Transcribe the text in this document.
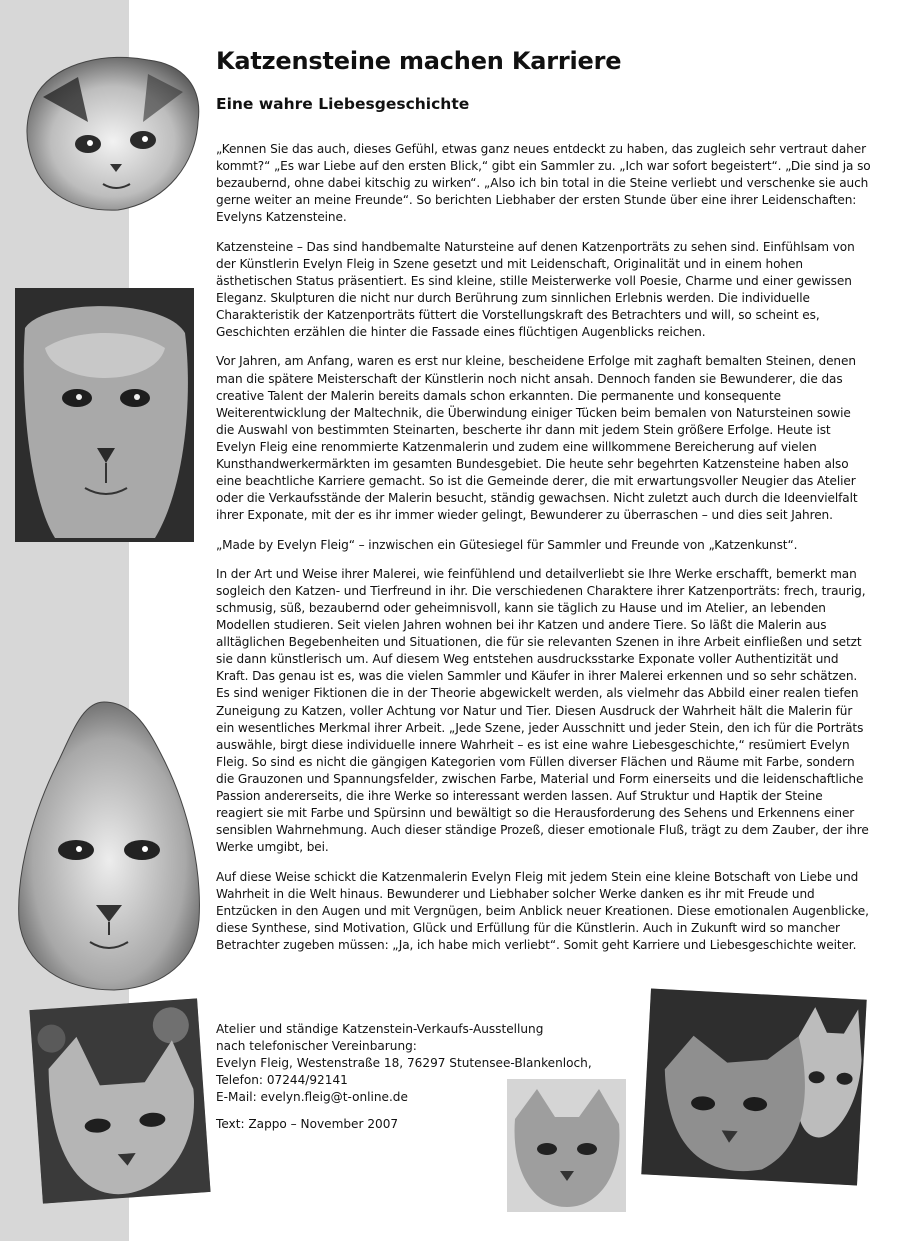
Katzensteine machen Karriere
Eine wahre Liebesgeschichte

„Kennen Sie das auch, dieses Gefühl, etwas ganz neues entdeckt zu haben, das zugleich sehr vertraut daher kommt?“ „Es war Liebe auf den ersten Blick,“ gibt ein Sammler zu. „Ich war sofort begeistert“. „Die sind ja so bezaubernd, ohne dabei kitschig zu wirken“. „Also ich bin total in die Steine verliebt und verschenke sie auch gerne weiter an meine Freunde“. So berichten Liebhaber der ersten Stunde über eine ihrer Leidenschaften: Evelyns Katzensteine.

Katzensteine – Das sind handbemalte Natursteine auf denen Katzenporträts zu sehen sind. Einfühlsam von der Künstlerin Evelyn Fleig in Szene gesetzt und mit Leidenschaft, Originalität und in einem hohen ästhetischen Status präsentiert. Es sind kleine, stille Meisterwerke voll Poesie, Charme und einer gewissen Eleganz. Skulpturen die nicht nur durch Berührung zum sinnlichen Erlebnis werden. Die individuelle Charakteristik der Katzenporträts füttert die Vorstellungskraft des Betrachters und will, so scheint es, Geschichten erzählen die hinter die Fassade eines flüchtigen Augenblicks reichen.

Vor Jahren, am Anfang, waren es erst nur kleine, bescheidene Erfolge mit zaghaft bemalten Steinen, denen man die spätere Meisterschaft der Künstlerin noch nicht ansah. Dennoch fanden sie Bewunderer, die das creative Talent der Malerin bereits damals schon erkannten. Die permanente und konsequente Weiterentwicklung der Maltechnik, die Überwindung einiger Tücken beim bemalen von Natursteinen sowie die Auswahl von bestimmten Steinarten, bescherte ihr dann mit jedem Stein größere Erfolge. Heute ist Evelyn Fleig eine renommierte Katzenmalerin und zudem eine willkommene Bereicherung auf vielen Kunsthandwerkermärkten im gesamten Bundesgebiet. Die heute sehr begehrten Katzensteine haben also eine beachtliche Karriere gemacht. So ist die Gemeinde derer, die mit erwartungsvoller Neugier das Atelier oder die Verkaufsstände der Malerin besucht, ständig gewachsen. Nicht zuletzt auch durch die Ideenvielfalt ihrer Exponate, mit der es ihr immer wieder gelingt, Bewunderer zu überraschen – und dies seit Jahren.

„Made by Evelyn Fleig“ – inzwischen ein Gütesiegel für Sammler und Freunde von „Katzenkunst“.

In der Art und Weise ihrer Malerei, wie feinfühlend und detailverliebt sie Ihre Werke erschafft, bemerkt man sogleich den Katzen- und Tierfreund in ihr. Die verschiedenen Charaktere ihrer Katzenporträts: frech, traurig, schmusig, süß, bezaubernd oder geheimnisvoll, kann sie täglich zu Hause und im Atelier, an lebenden Modellen studieren. Seit vielen Jahren wohnen bei ihr Katzen und andere Tiere. So läßt die Malerin aus alltäglichen Begebenheiten und Situationen, die für sie relevanten Szenen in ihre Arbeit einfließen und setzt sie dann künstlerisch um. Auf diesem Weg entstehen ausdrucksstarke Exponate voller Authentizität und Kraft. Das genau ist es, was die vielen Sammler und Käufer in ihrer Malerei erkennen und so sehr schätzen. Es sind weniger Fiktionen die in der Theorie abgewickelt werden, als vielmehr das Abbild einer realen tiefen Zuneigung zu Katzen, voller Achtung vor Natur und Tier. Diesen Ausdruck der Wahrheit hält die Malerin für ein wesentliches Merkmal ihrer Arbeit. „Jede Szene, jeder Ausschnitt und jeder Stein, den ich für die Porträts auswähle, birgt diese individuelle innere Wahrheit – es ist eine wahre Liebesgeschichte,“ resümiert Evelyn Fleig. So sind es nicht die gängigen Kategorien vom Füllen diverser Flächen und Räume mit Farbe, sondern die Grauzonen und Spannungsfelder, zwischen Farbe, Material und Form einerseits und die leidenschaftliche Passion andererseits, die ihre Werke so interessant werden lassen. Auf Struktur und Haptik der Steine reagiert sie mit Farbe und Spürsinn und bewältigt so die Herausforderung des Sehens und Erkennens einer sensiblen Wahrnehmung. Auch dieser ständige Prozeß, dieser emotionale Fluß, trägt zu dem Zauber, der ihre Werke umgibt, bei.

Auf diese Weise schickt die Katzenmalerin Evelyn Fleig mit jedem Stein eine kleine Botschaft von Liebe und Wahrheit in die Welt hinaus. Bewunderer und Liebhaber solcher Werke danken es ihr mit Freude und Entzücken in den Augen und mit Vergnügen, beim Anblick neuer Kreationen. Diese emotionalen Augenblicke, diese Synthese, sind Motivation, Glück und Erfüllung für die Künstlerin. Auch in Zukunft wird so mancher Betrachter zugeben müssen: „Ja, ich habe mich verliebt“. Somit geht Karriere und Liebesgeschichte weiter.

Atelier und ständige Katzenstein-Verkaufs-Ausstellung
nach telefonischer Vereinbarung:
Evelyn Fleig, Westenstraße 18, 76297 Stutensee-Blankenloch,
Telefon: 07244/92141
E-Mail: evelyn.fleig@t-online.de

Text: Zappo – November 2007
